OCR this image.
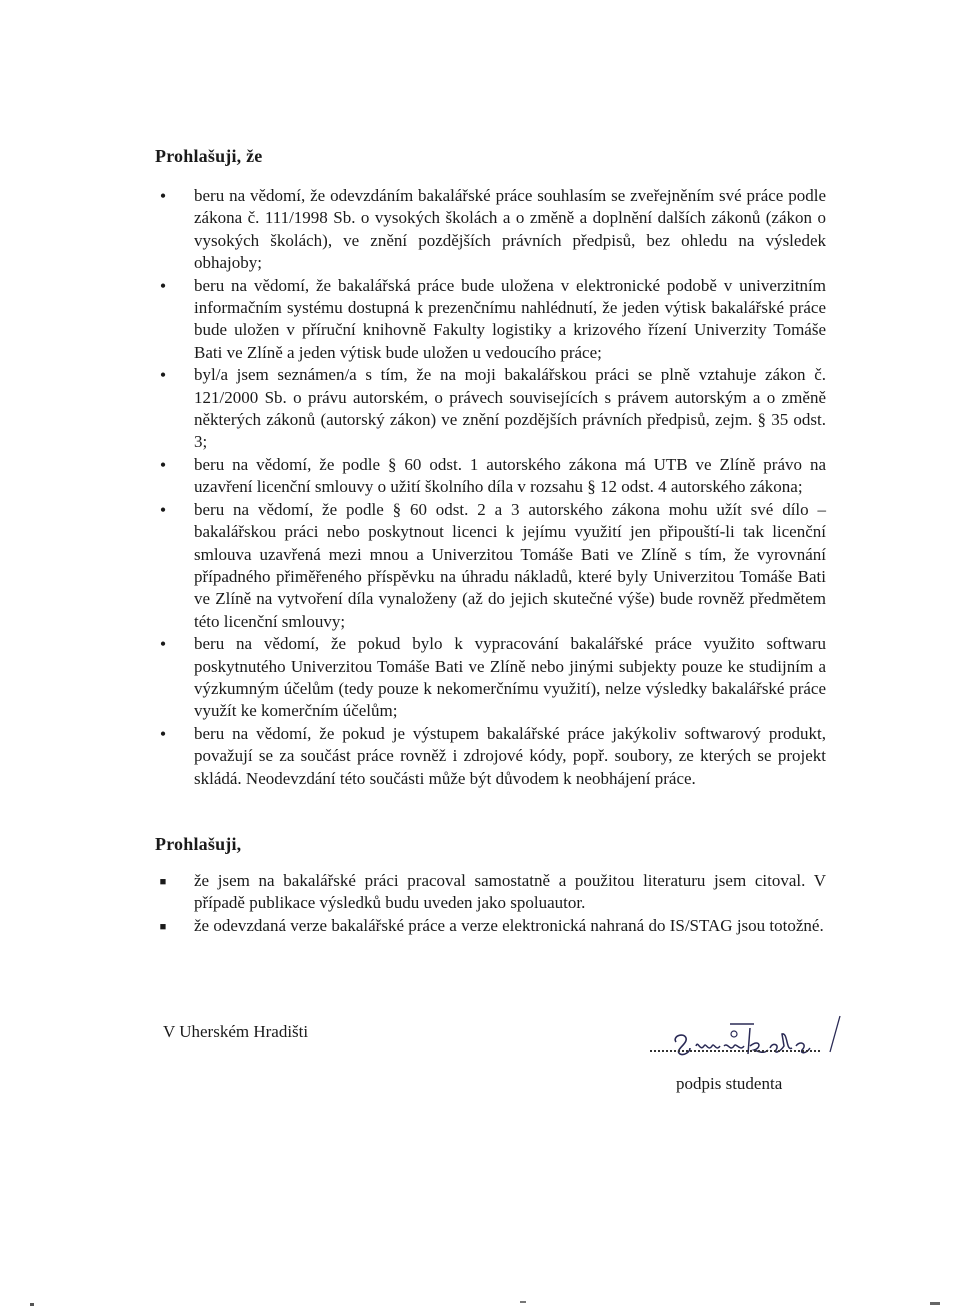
Prohlašuji, že
• beru na vědomí, že odevzdáním bakalářské práce souhlasím se zveřejněním své práce podle zákona č. 111/1998 Sb. o vysokých školách a o změně a doplnění dalších zákonů (zákon o vysokých školách), ve znění pozdějších právních předpisů, bez ohledu na výsledek obhajoby;
• beru na vědomí, že bakalářská práce bude uložena v elektronické podobě v univerzitním informačním systému dostupná k prezenčnímu nahlédnutí, že jeden výtisk bakalářské práce bude uložen v příruční knihovně Fakulty logistiky a krizového řízení Univerzity Tomáše Bati ve Zlíně a jeden výtisk bude uložen u vedoucího práce;
• byl/a jsem seznámen/a s tím, že na moji bakalářskou práci se plně vztahuje zákon č. 121/2000 Sb. o právu autorském, o právech souvisejících s právem autorským a o změně některých zákonů (autorský zákon) ve znění pozdějších právních předpisů, zejm. § 35 odst. 3;
• beru na vědomí, že podle § 60 odst. 1 autorského zákona má UTB ve Zlíně právo na uzavření licenční smlouvy o užití školního díla v rozsahu § 12 odst. 4 autorského zákona;
• beru na vědomí, že podle § 60 odst. 2 a 3 autorského zákona mohu užít své dílo – bakalářskou práci nebo poskytnout licenci k jejímu využití jen připouští-li tak licenční smlouva uzavřená mezi mnou a Univerzitou Tomáše Bati ve Zlíně s tím, že vyrovnání případného přiměřeného příspěvku na úhradu nákladů, které byly Univerzitou Tomáše Bati ve Zlíně na vytvoření díla vynaloženy (až do jejich skutečné výše) bude rovněž předmětem této licenční smlouvy;
• beru na vědomí, že pokud bylo k vypracování bakalářské práce využito softwaru poskytnutého Univerzitou Tomáše Bati ve Zlíně nebo jinými subjekty pouze ke studijním a výzkumným účelům (tedy pouze k nekomerčnímu využití), nelze výsledky bakalářské práce využít ke komerčním účelům;
• beru na vědomí, že pokud je výstupem bakalářské práce jakýkoliv softwarový produkt, považují se za součást práce rovněž i zdrojové kódy, popř. soubory, ze kterých se projekt skládá. Neodevzdání této součásti může být důvodem k neobhájení práce.
Prohlašuji,
■ že jsem na bakalářské práci pracoval samostatně a použitou literaturu jsem citoval. V případě publikace výsledků budu uveden jako spoluautor.
■ že odevzdaná verze bakalářské práce a verze elektronická nahraná do IS/STAG jsou totožné.
V Uherském Hradišti
podpis studenta
